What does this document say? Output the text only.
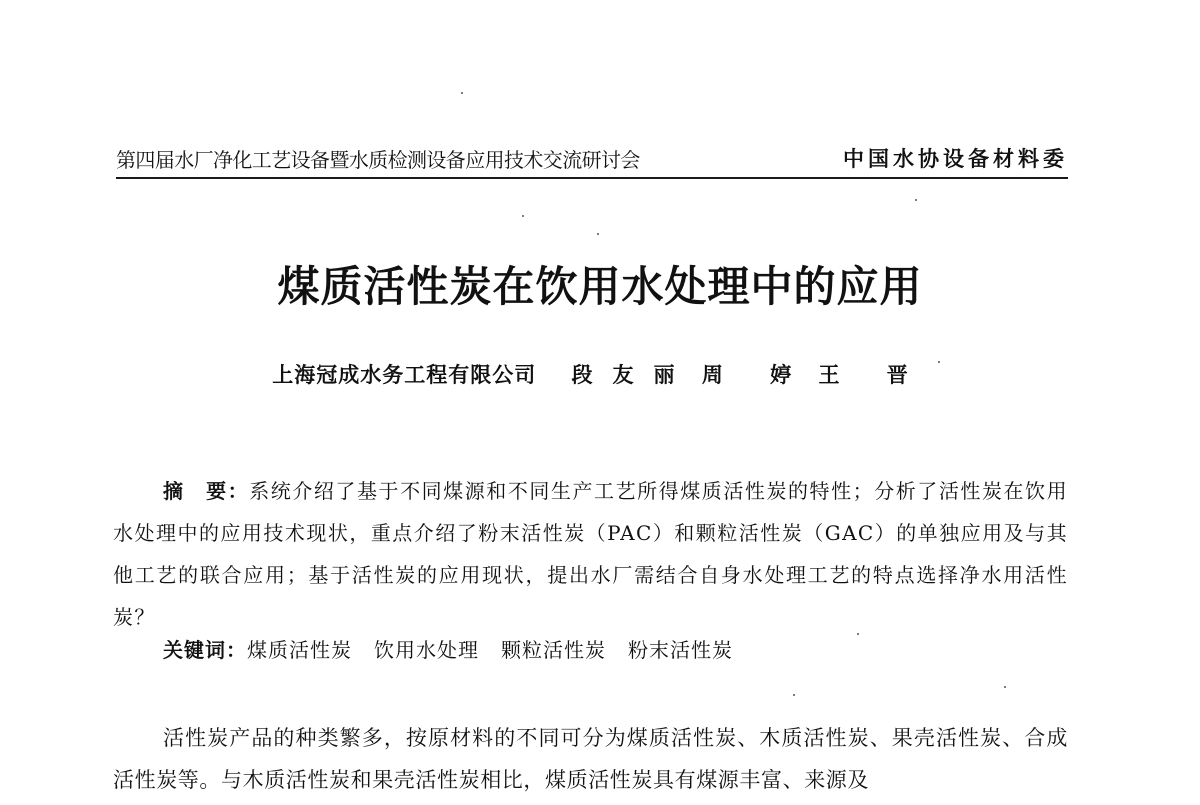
第四届水厂净化工艺设备暨水质检测设备应用技术交流研讨会	中国水协设备材料委
煤质活性炭在饮用水处理中的应用
上海冠成水务工程有限公司 段友丽 周 婷 王 晋
摘　要：系统介绍了基于不同煤源和不同生产工艺所得煤质活性炭的特性；分析了活性炭在饮用水处理中的应用技术现状，重点介绍了粉末活性炭（PAC）和颗粒活性炭（GAC）的单独应用及与其他工艺的联合应用；基于活性炭的应用现状，提出水厂需结合自身水处理工艺的特点选择净水用活性炭？
关键词：煤质活性炭 饮用水处理 颗粒活性炭 粉末活性炭
活性炭产品的种类繁多，按原材料的不同可分为煤质活性炭、木质活性炭、果壳活性炭、合成活性炭等。与木质活性炭和果壳活性炭相比，煤质活性炭具有煤源丰富、来源及
